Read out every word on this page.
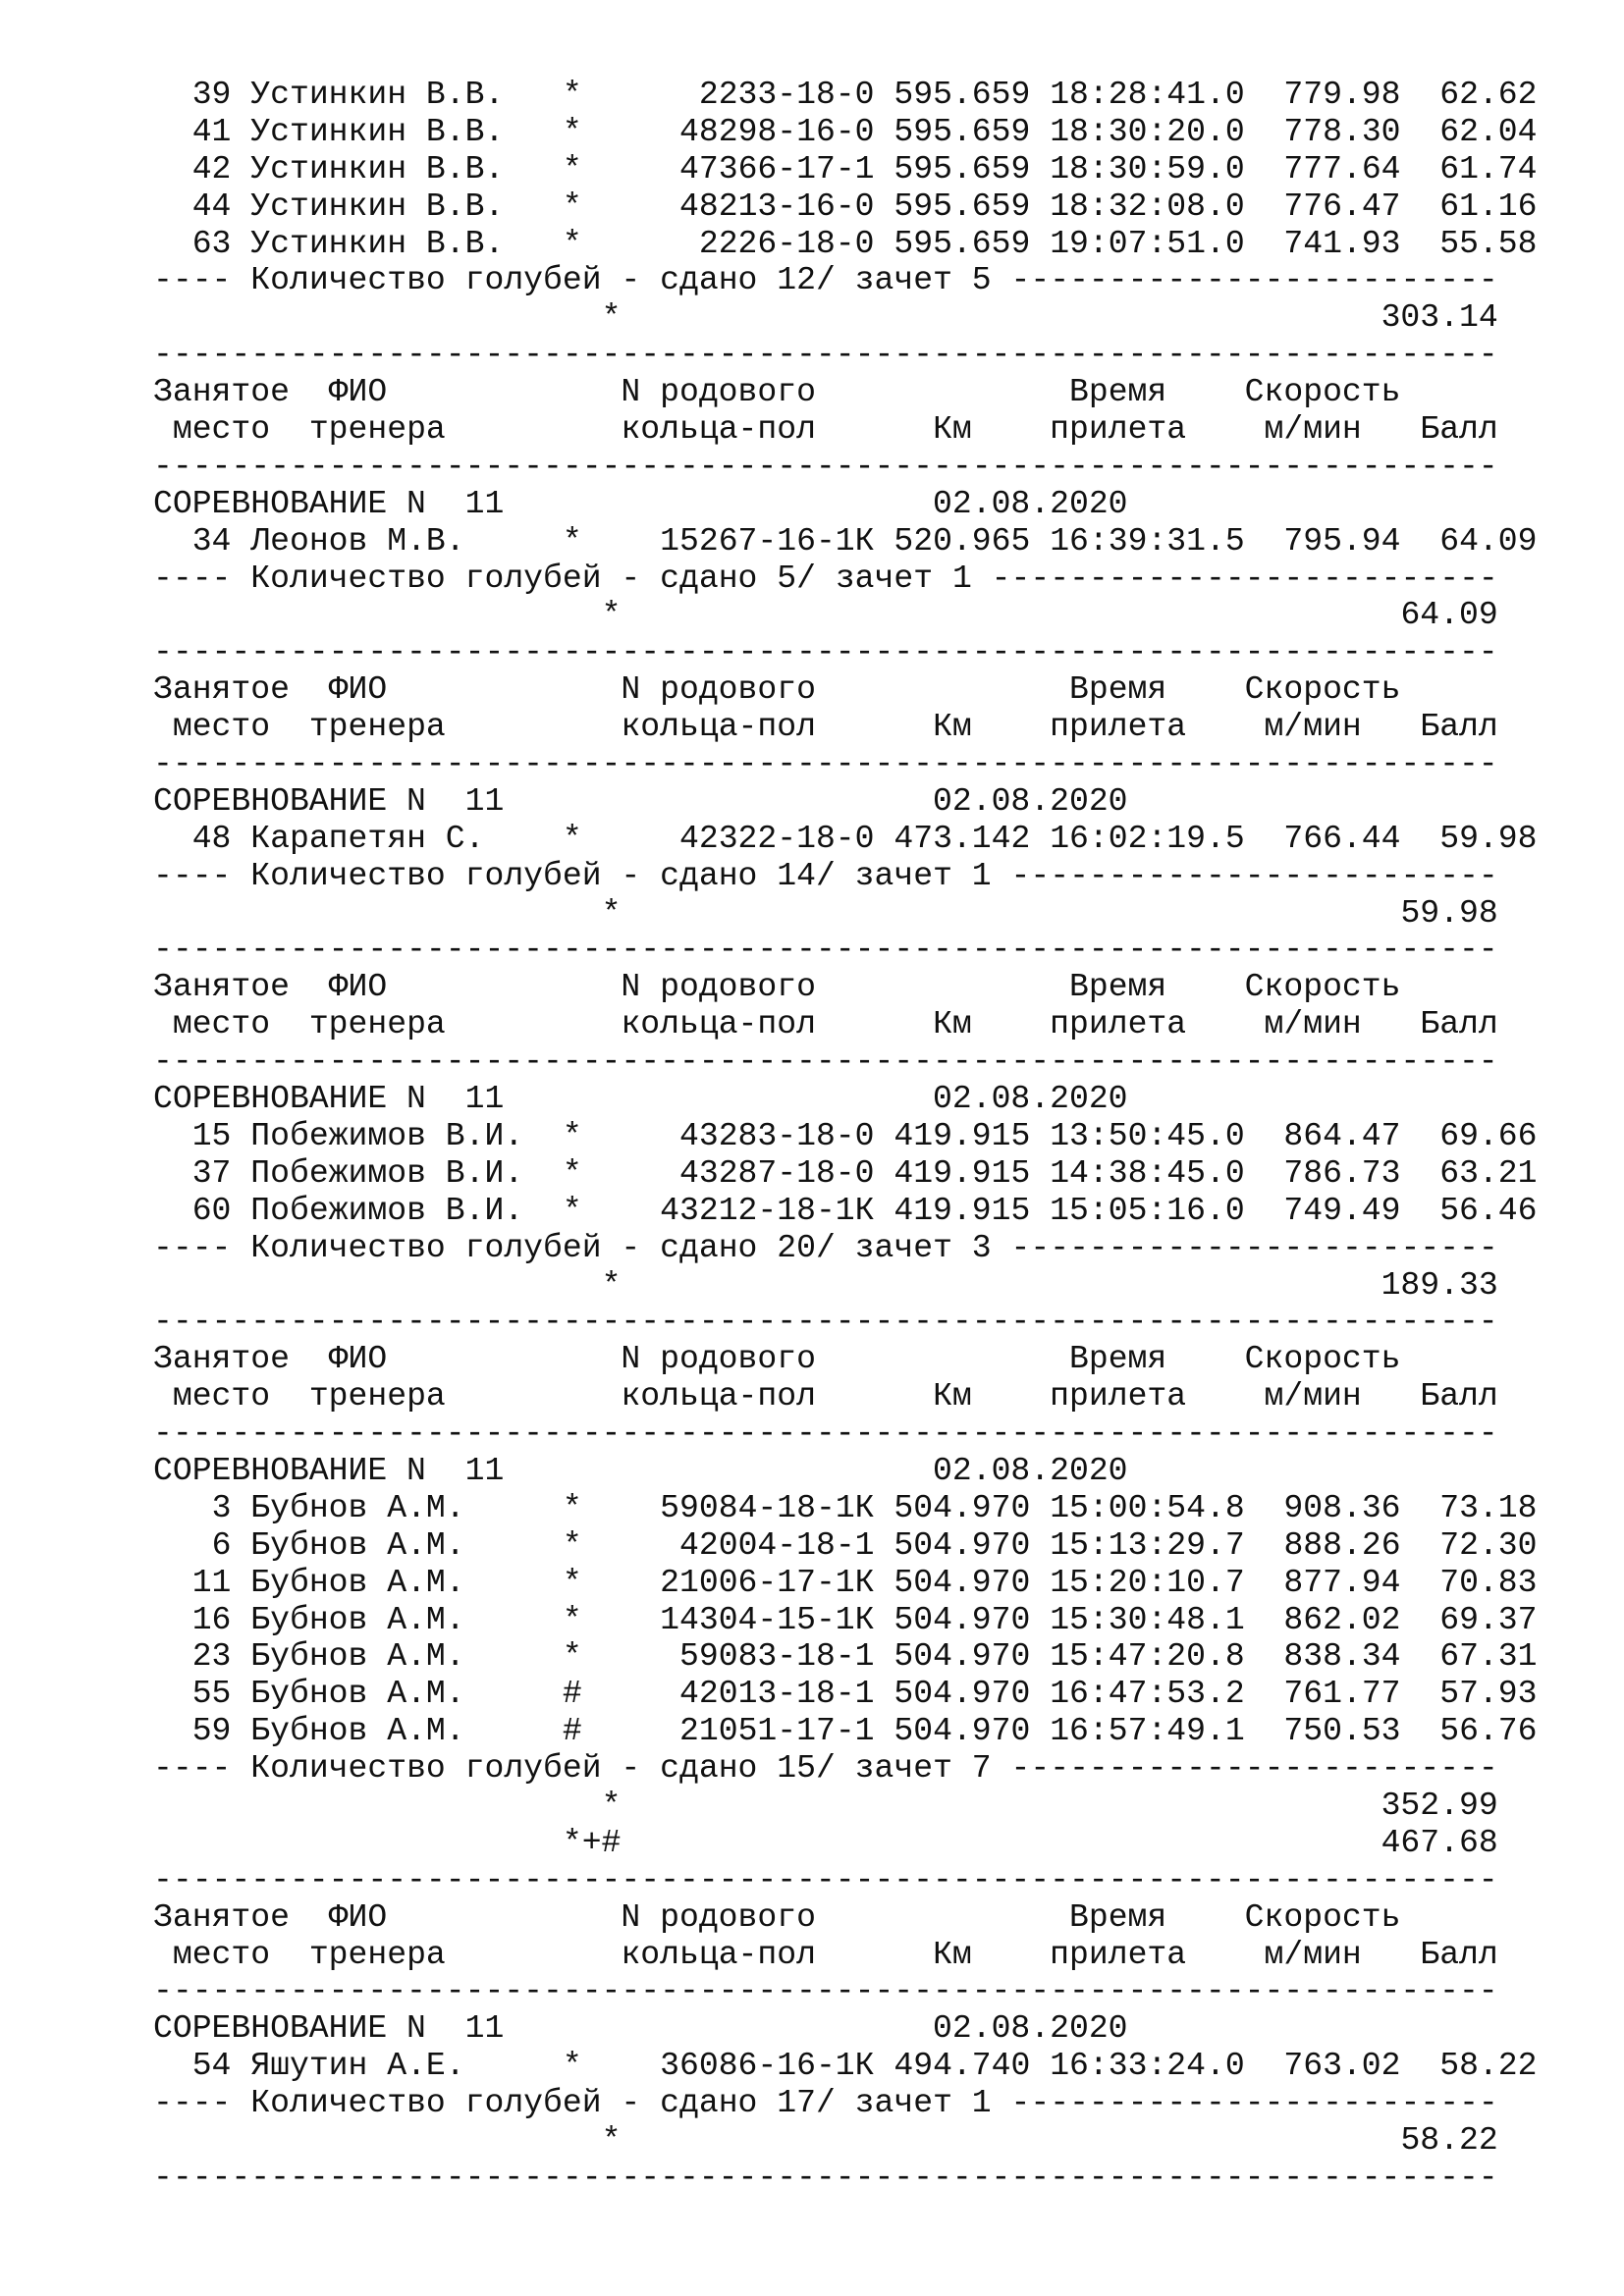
39 Устинкин В.В. *	2233-18-0 595.659 18:28:41.0 779.98 62.62
41 Устинкин В.В. *	48298-16-0 595.659 18:30:20.0 778.30 62.04
42 Устинкин В.В. *	47366-17-1 595.659 18:30:59.0 777.64 61.74
44 Устинкин В.В. *	48213-16-0 595.659 18:32:08.0 776.47 61.16
63 Устинкин В.В. *	2226-18-0 595.659 19:07:51.0 741.93 55.58
---- Количество голубей - сдано 12/ зачет 5 -------------------------
*	303.14
---------------------------------------------------------------------
Занятое ФИО	N родового	Время Скорость
место тренера	кольца-пол	Км прилета м/мин Балл
---------------------------------------------------------------------
СОРЕВНОВАНИЕ N 11	02.08.2020
34 Леонов М.В.	* 15267-16-1К 520.965 16:39:31.5 795.94 64.09
---- Количество голубей - сдано 5/ зачет 1 --------------------------
*	64.09
---------------------------------------------------------------------
Занятое ФИО	N родового	Время Скорость
место тренера	кольца-пол	Км прилета м/мин Балл
---------------------------------------------------------------------
СОРЕВНОВАНИЕ N 11	02.08.2020
48 Карапетян С. *	42322-18-0 473.142 16:02:19.5 766.44 59.98
---- Количество голубей - сдано 14/ зачет 1 -------------------------
*	59.98
---------------------------------------------------------------------
Занятое ФИО	N родового	Время Скорость
место тренера	кольца-пол	Км прилета м/мин Балл
---------------------------------------------------------------------
СОРЕВНОВАНИЕ N 11	02.08.2020
15 Побежимов В.И. *	43283-18-0 419.915 13:50:45.0 864.47 69.66
37 Побежимов В.И. *	43287-18-0 419.915 14:38:45.0 786.73 63.21
60 Побежимов В.И. * 43212-18-1К 419.915 15:05:16.0 749.49 56.46
---- Количество голубей - сдано 20/ зачет 3 -------------------------
*	189.33
---------------------------------------------------------------------
Занятое ФИО	N родового	Время Скорость
место тренера	кольца-пол	Км прилета м/мин Балл
---------------------------------------------------------------------
СОРЕВНОВАНИЕ N 11	02.08.2020
3 Бубнов А.М.	* 59084-18-1К 504.970 15:00:54.8 908.36 73.18
6 Бубнов А.М.	*	42004-18-1 504.970 15:13:29.7 888.26 72.30
11 Бубнов А.М.	* 21006-17-1К 504.970 15:20:10.7 877.94 70.83
16 Бубнов А.М.	* 14304-15-1К 504.970 15:30:48.1 862.02 69.37
23 Бубнов А.М.	*	59083-18-1 504.970 15:47:20.8 838.34 67.31
55 Бубнов А.М.	#	42013-18-1 504.970 16:47:53.2 761.77 57.93
59 Бубнов А.М.	#	21051-17-1 504.970 16:57:49.1 750.53 56.76
---- Количество голубей - сдано 15/ зачет 7 -------------------------
*	352.99
*+#	467.68
---------------------------------------------------------------------
Занятое ФИО	N родового	Время Скорость
место тренера	кольца-пол	Км прилета м/мин Балл
---------------------------------------------------------------------
СОРЕВНОВАНИЕ N 11	02.08.2020
54 Яшутин А.Е.	* 36086-16-1К 494.740 16:33:24.0 763.02 58.22
---- Количество голубей - сдано 17/ зачет 1 -------------------------
*	58.22
---------------------------------------------------------------------
